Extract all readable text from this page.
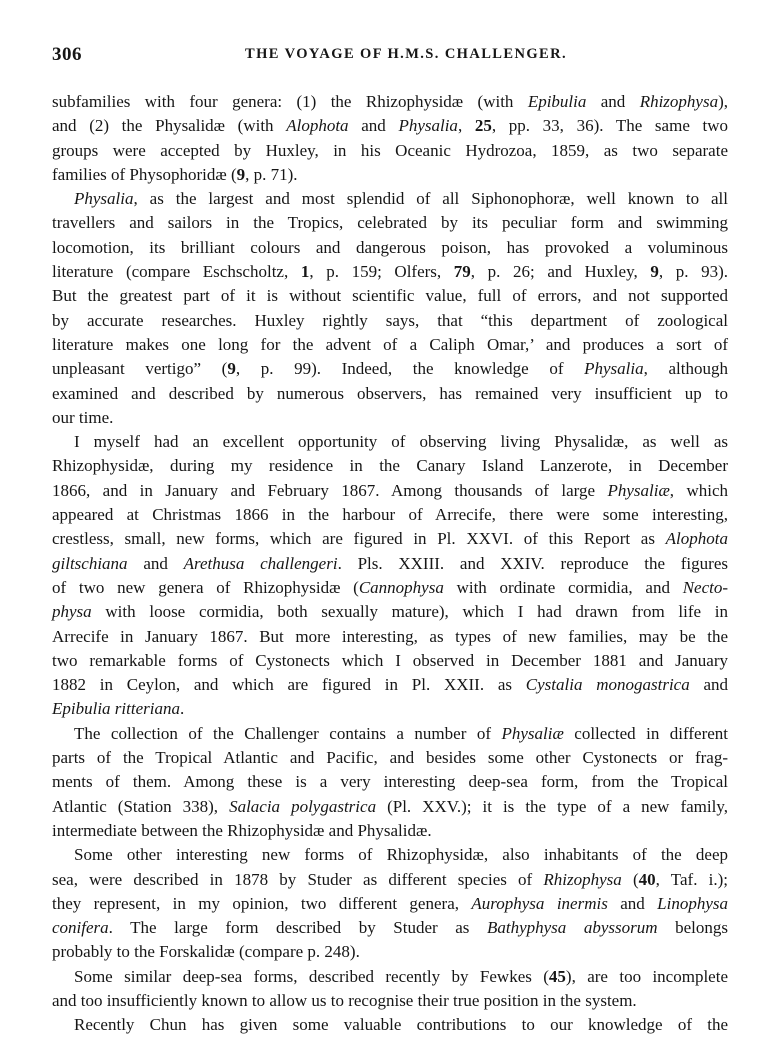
306	THE VOYAGE OF H.M.S. CHALLENGER.
subfamilies with four genera: (1) the Rhizophysidæ (with Epibulia and Rhizophysa),
and (2) the Physalidæ (with Alophota and Physalia, 25, pp. 33, 36). The same two
groups were accepted by Huxley, in his Oceanic Hydrozoa, 1859, as two separate
families of Physophoridæ (9, p. 71).
Physalia, as the largest and most splendid of all Siphonophoræ, well known to all
travellers and sailors in the Tropics, celebrated by its peculiar form and swimming
locomotion, its brilliant colours and dangerous poison, has provoked a voluminous
literature (compare Eschscholtz, 1, p. 159; Olfers, 79, p. 26; and Huxley, 9, p. 93).
But the greatest part of it is without scientific value, full of errors, and not supported
by accurate researches. Huxley rightly says, that “this department of zoological
literature makes one long for the advent of a Caliph Omar,’ and produces a sort of
unpleasant vertigo” (9, p. 99). Indeed, the knowledge of Physalia, although
examined and described by numerous observers, has remained very insufficient up to
our time.
I myself had an excellent opportunity of observing living Physalidæ, as well as
Rhizophysidæ, during my residence in the Canary Island Lanzerote, in December
1866, and in January and February 1867. Among thousands of large Physaliæ, which
appeared at Christmas 1866 in the harbour of Arrecife, there were some interesting,
crestless, small, new forms, which are figured in Pl. XXVI. of this Report as Alophota
giltschiana and Arethusa challengeri. Pls. XXIII. and XXIV. reproduce the figures
of two new genera of Rhizophysidæ (Cannophysa with ordinate cormidia, and Necto-
physa with loose cormidia, both sexually mature), which I had drawn from life in
Arrecife in January 1867. But more interesting, as types of new families, may be the
two remarkable forms of Cystonects which I observed in December 1881 and January
1882 in Ceylon, and which are figured in Pl. XXII. as Cystalia monogastrica and
Epibulia ritteriana.
The collection of the Challenger contains a number of Physaliæ collected in different
parts of the Tropical Atlantic and Pacific, and besides some other Cystonects or frag-
ments of them. Among these is a very interesting deep-sea form, from the Tropical
Atlantic (Station 338), Salacia polygastrica (Pl. XXV.); it is the type of a new family,
intermediate between the Rhizophysidæ and Physalidæ.
Some other interesting new forms of Rhizophysidæ, also inhabitants of the deep
sea, were described in 1878 by Studer as different species of Rhizophysa (40, Taf. i.);
they represent, in my opinion, two different genera, Aurophysa inermis and Linophysa
conifera. The large form described by Studer as Bathyphysa abyssorum belongs
probably to the Forskalidæ (compare p. 248).
Some similar deep-sea forms, described recently by Fewkes (45), are too incomplete
and too insufficiently known to allow us to recognise their true position in the system.
Recently Chun has given some valuable contributions to our knowledge of the
